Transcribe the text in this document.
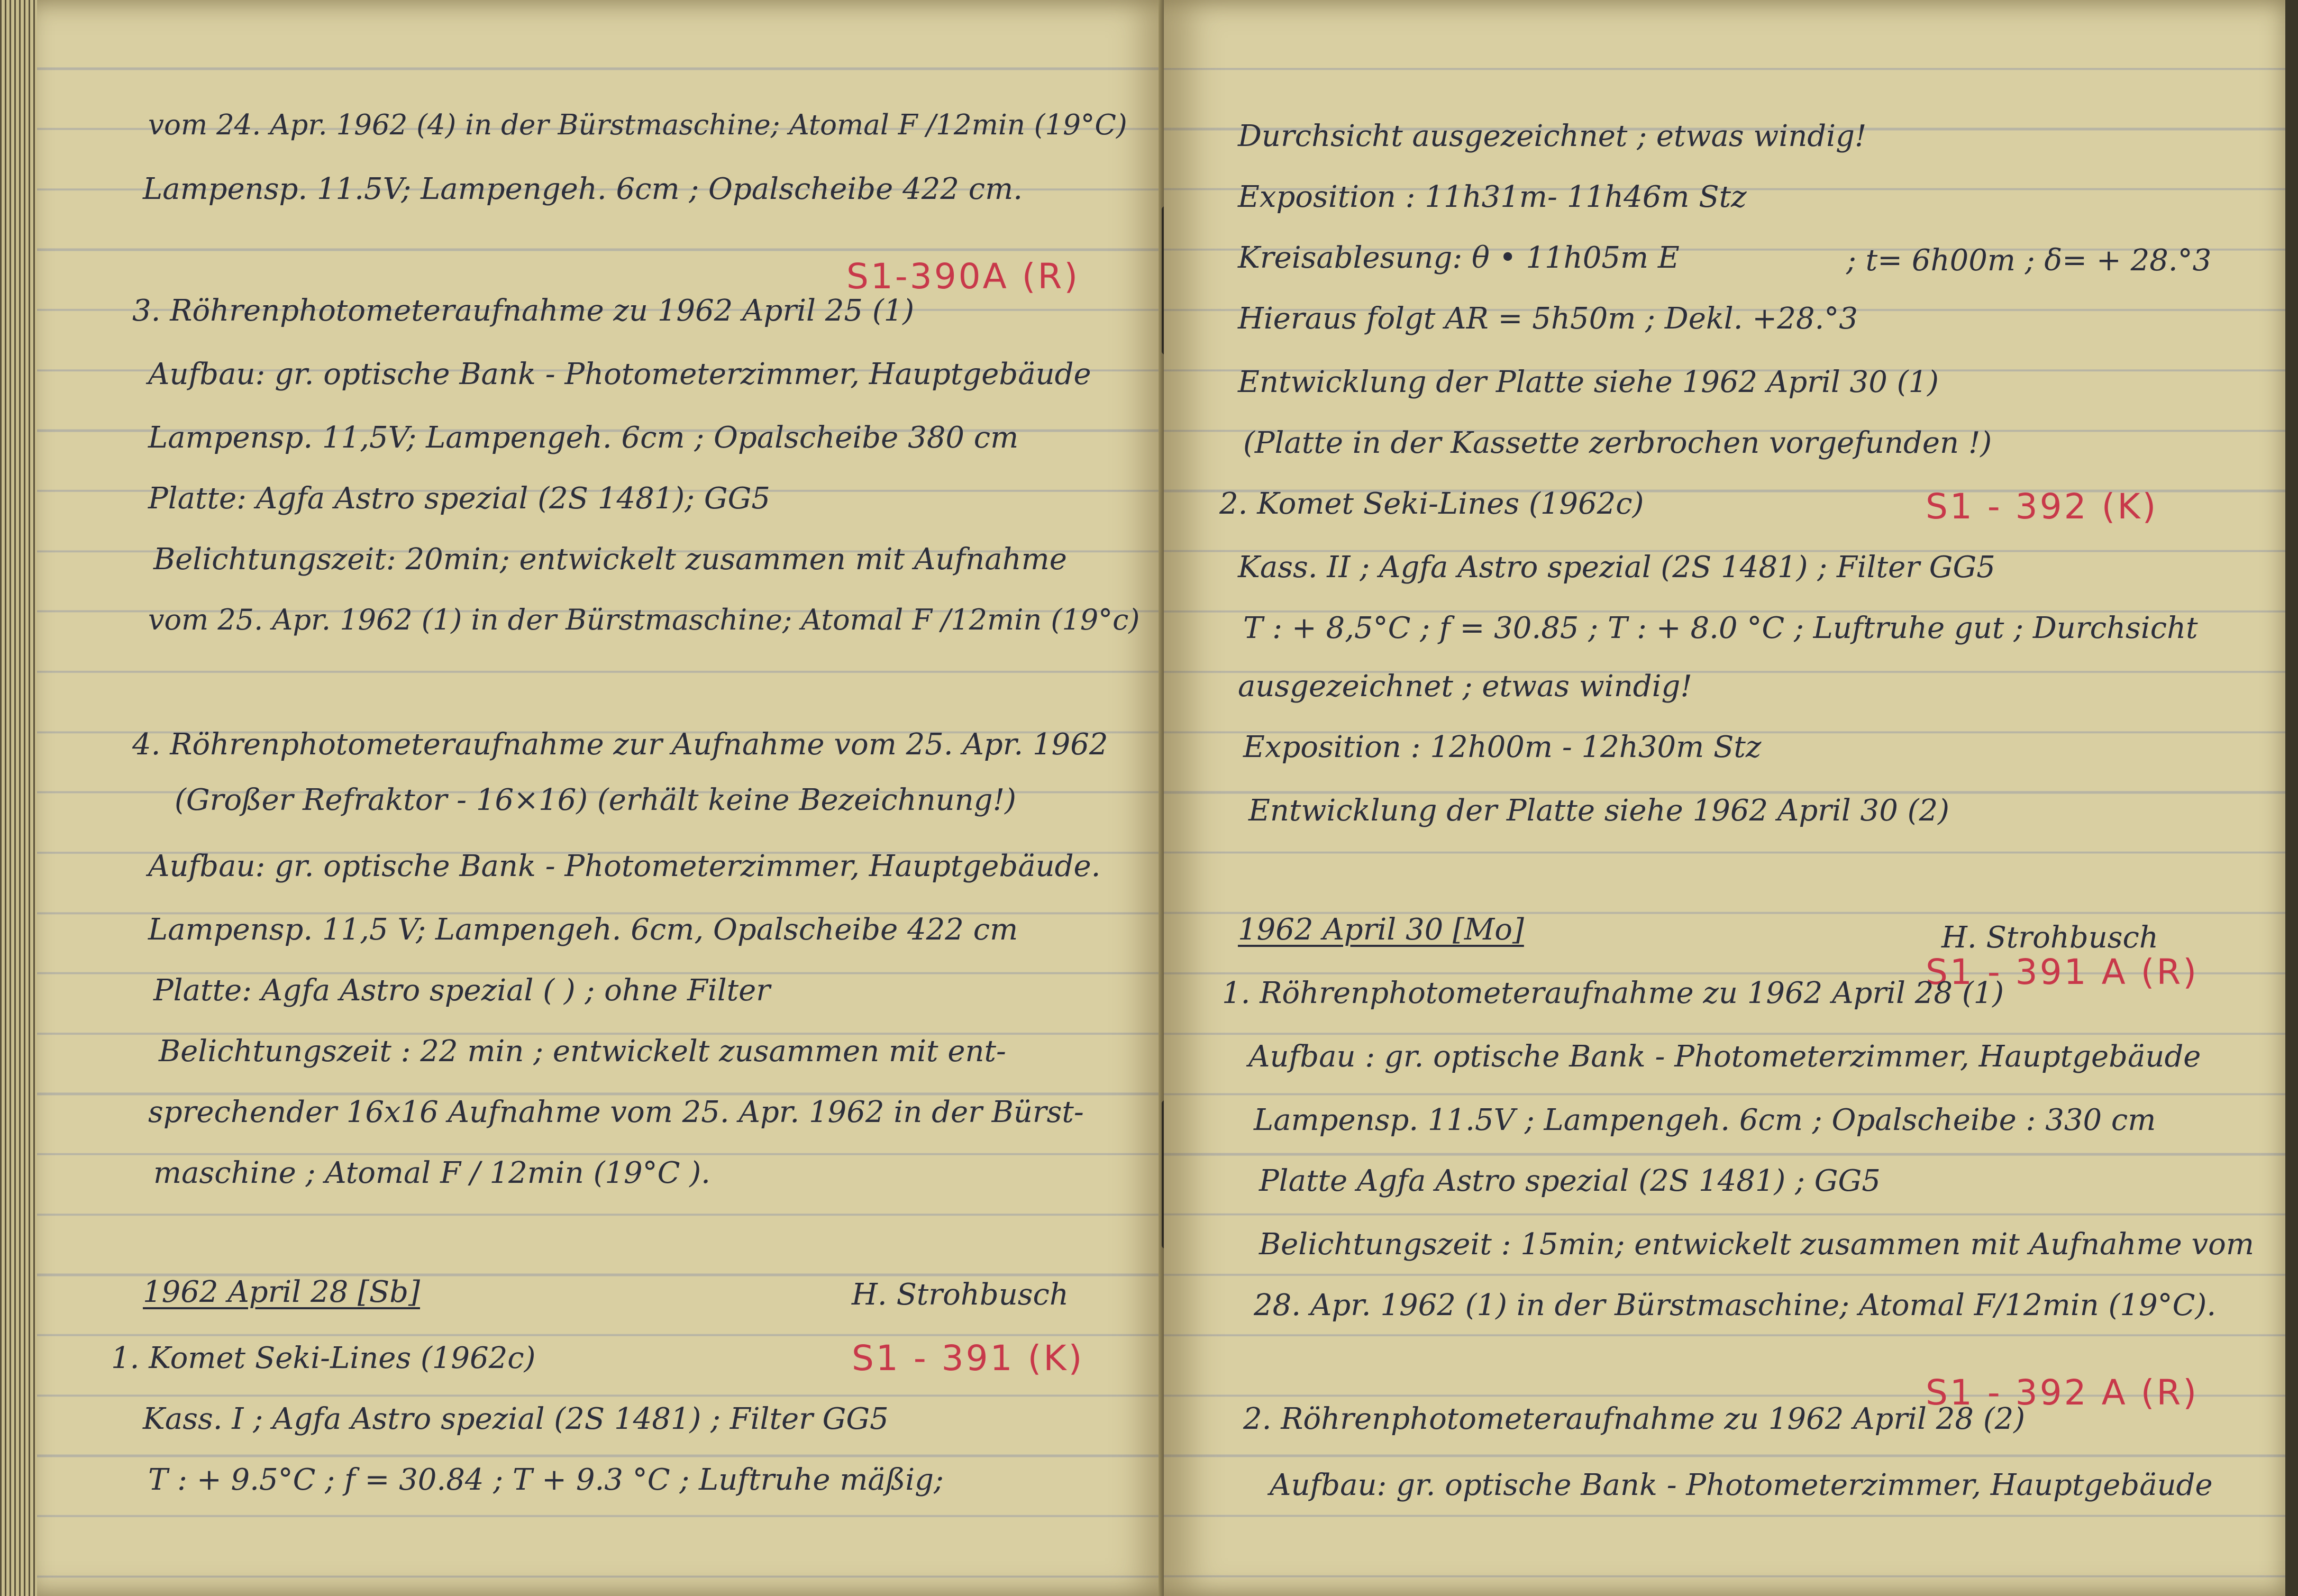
vom 24. Apr. 1962 (4) in der Bürstmaschine; Atomal F /12min (19°C)
Lampensp. 11.5V; Lampengeh. 6cm ; Opalscheibe 422 cm.
S1-390A (R)
3. Röhrenphotometeraufnahme zu 1962 April 25 (1)
Aufbau: gr. optische Bank - Photometerzimmer, Hauptgebäude
Lampensp. 11,5V; Lampengeh. 6cm ; Opalscheibe 380 cm
Platte: Agfa Astro spezial (2S 1481); GG5
Belichtungszeit: 20min; entwickelt zusammen mit Aufnahme
vom 25. Apr. 1962 (1) in der Bürstmaschine; Atomal F /12min (19°c)
4. Röhrenphotometeraufnahme zur Aufnahme vom 25. Apr. 1962
(Großer Refraktor - 16×16) (erhält keine Bezeichnung!)
Aufbau: gr. optische Bank - Photometerzimmer, Hauptgebäude.
Lampensp. 11,5 V; Lampengeh. 6cm, Opalscheibe 422 cm
Platte: Agfa Astro spezial ( ) ; ohne Filter
Belichtungszeit : 22 min ; entwickelt zusammen mit ent-
sprechender 16x16 Aufnahme vom 25. Apr. 1962 in der Bürst-
maschine ; Atomal F / 12min (19°C ).
1962 April 28 [Sb]	H. Strohbusch
1. Komet Seki-Lines (1962c)	S1 - 391 (K)
Kass. I ; Agfa Astro spezial (2S 1481) ; Filter GG5
T : + 9.5°C ; f = 30.84 ; T + 9.3 °C ; Luftruhe mäßig;
Durchsicht ausgezeichnet ; etwas windig!
Exposition : 11h31m- 11h46m Stz
Kreisablesung: θ • 11h05m E	; t= 6h00m ; δ= + 28.°3
Hieraus folgt AR = 5h50m ; Dekl. +28.°3
Entwicklung der Platte siehe 1962 April 30 (1)
(Platte in der Kassette zerbrochen vorgefunden !)
2. Komet Seki-Lines (1962c)	S1 - 392 (K)
Kass. II ; Agfa Astro spezial (2S 1481) ; Filter GG5
T : + 8,5°C ; f = 30.85 ; T : + 8.0 °C ; Luftruhe gut ; Durchsicht
ausgezeichnet ; etwas windig!
Exposition : 12h00m - 12h30m Stz
Entwicklung der Platte siehe 1962 April 30 (2)
1962 April 30 [Mo]	H. Strohbusch
S1 - 391 A (R)
1. Röhrenphotometeraufnahme zu 1962 April 28 (1)
Aufbau : gr. optische Bank - Photometerzimmer, Hauptgebäude
Lampensp. 11.5V ; Lampengeh. 6cm ; Opalscheibe : 330 cm
Platte Agfa Astro spezial (2S 1481) ; GG5
Belichtungszeit : 15min; entwickelt zusammen mit Aufnahme vom
28. Apr. 1962 (1) in der Bürstmaschine; Atomal F/12min (19°C).
S1 - 392 A (R)
2. Röhrenphotometeraufnahme zu 1962 April 28 (2)
Aufbau: gr. optische Bank - Photometerzimmer, Hauptgebäude
